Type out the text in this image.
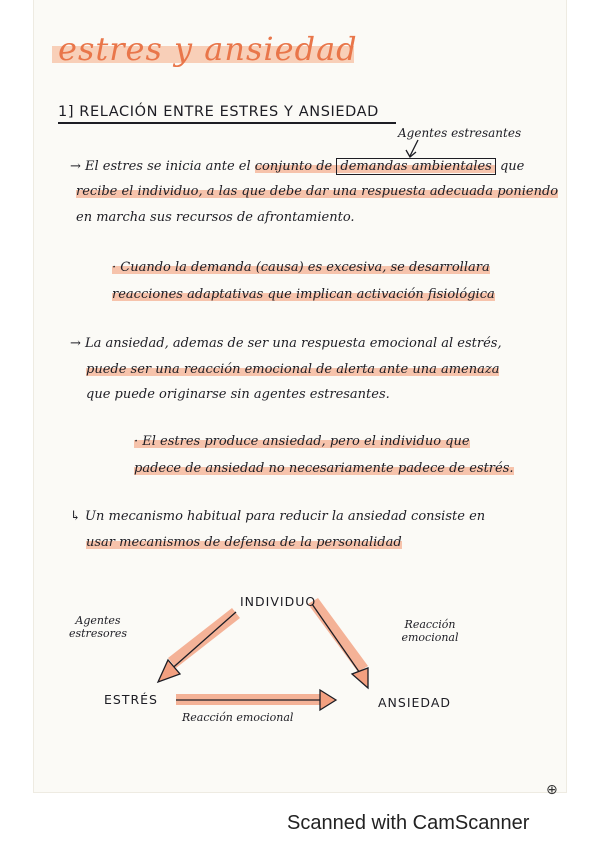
estres y ansiedad
1] RELACIÓN ENTRE ESTRES Y ANSIEDAD
Agentes estresantes
→ El estres se inicia ante el conjunto de demandas ambientales que
recibe el individuo, a las que debe dar una respuesta adecuada poniendo
en marcha sus recursos de afrontamiento.
· Cuando la demanda (causa) es excesiva, se desarrollara
reacciones adaptativas que implican activación fisiológica
→ La ansiedad, ademas de ser una respuesta emocional al estrés,
puede ser una reacción emocional de alerta ante una amenaza
que puede originarse sin agentes estresantes.
· El estres produce ansiedad, pero el individuo que
padece de ansiedad no necesariamente padece de estrés.
↳ Un mecanismo habitual para reducir la ansiedad consiste en
usar mecanismos de defensa de la personalidad
INDIVIDUO
ESTRÉS	ANSIEDAD
Agentes
estresores
Reacción
emocional
Reacción emocional
⊕
Scanned with CamScanner
